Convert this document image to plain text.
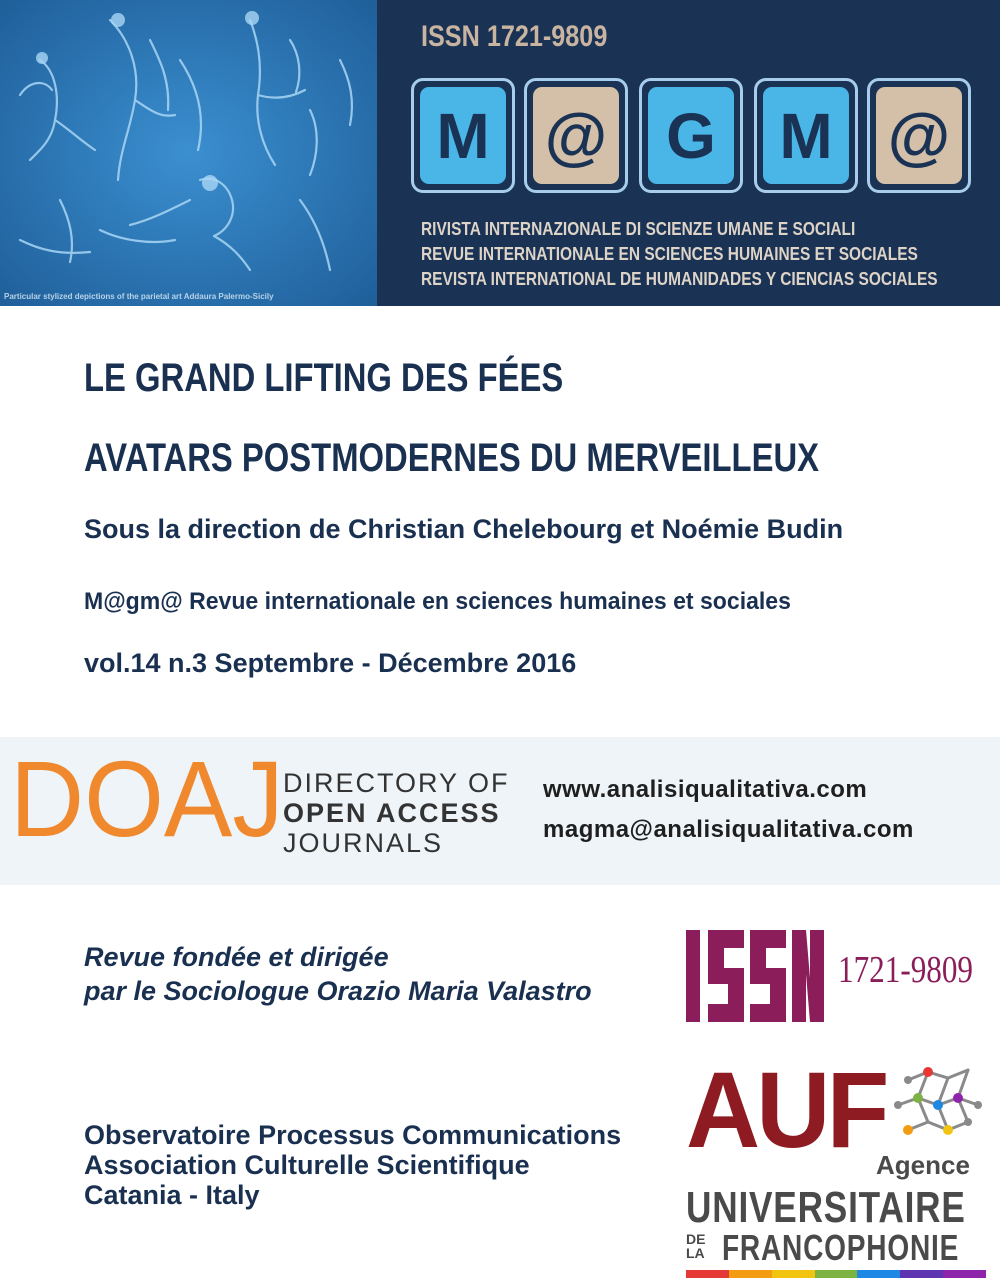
Particular stylized depictions of the parietal art Addaura Palermo-Sicily
ISSN 1721-9809
M @ G M @
RIVISTA INTERNAZIONALE DI SCIENZE UMANE E SOCIALI
REVUE INTERNATIONALE EN SCIENCES HUMAINES ET SOCIALES
REVISTA INTERNATIONAL DE HUMANIDADES Y CIENCIAS SOCIALES
LE GRAND LIFTING DES FÉES
AVATARS POSTMODERNES DU MERVEILLEUX
Sous la direction de Christian Chelebourg et Noémie Budin
M@gm@ Revue internationale en sciences humaines et sociales
vol.14 n.3 Septembre - Décembre 2016
DOAJ DIRECTORY OF
OPEN ACCESS
JOURNALS
www.analisiqualitativa.com
magma@analisiqualitativa.com
Revue fondée et dirigée
par le Sociologue Orazio Maria Valastro	1721-9809
Observatoire Processus Communications
Association Culturelle Scientifique
Catania - Italy
AUF
Agence
UNIVERSITAIRE
DE LA FRANCOPHONIE
